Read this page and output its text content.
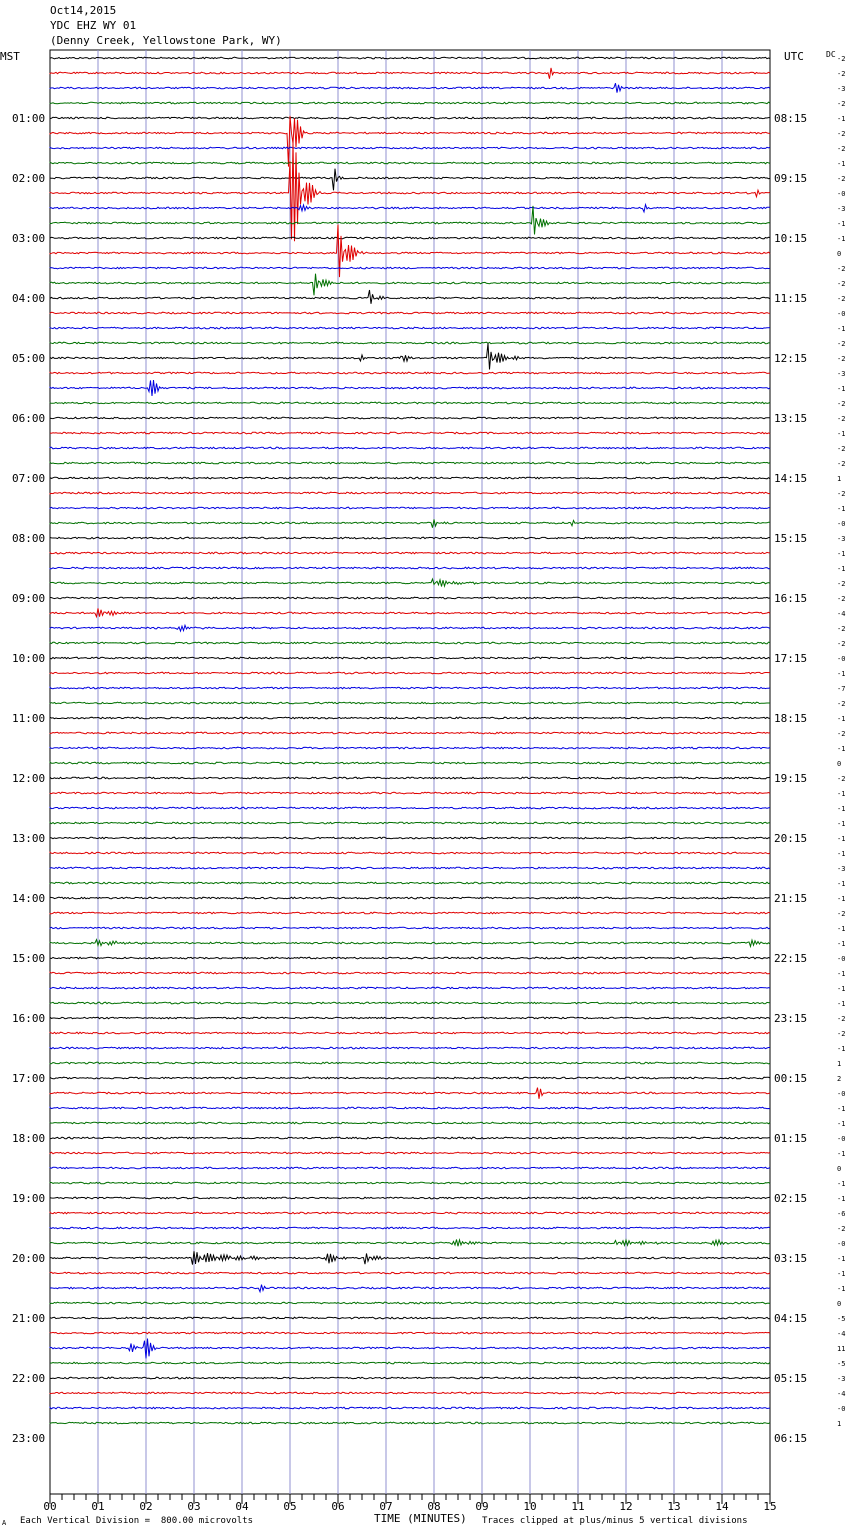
Oct14,2015
YDC EHZ WY 01
(Denny Creek, Yellowstone Park, WY)
MST	UTC	DC -2
-2
-3
-2
-1
-2
-2
-1
-2
-0
-3
-1
-1
0
-2
-2
-2
-0
-1
-2
-2
-3
-1
-2
-2
-1
-2
-2
1
-2
-1
-0
-3
-1
-1
-2
-2
-4
-2
-2
-0
-1
-7
-2
-1
-2
-1
0
-2
-1
-1
-1
-1
-1
-3
-1
-1
-2
-1
-1
-0
-1
-1
-1
-2
-2
-1
1
2
-0
-1
-1
-0
-1
0
-1
-1
-6
-2
-0
-1
-1
-1
0
-5
-4
11
-5
-3
-4
-0
1
01:00
02:00
03:00
04:00
05:00
06:00
07:00
08:00
09:00
10:00
11:00
12:00
13:00
14:00
15:00
16:00
17:00
18:00
19:00
20:00
21:00
22:00
23:00
08:15
09:15
10:15
11:15
12:15
13:15
14:15
15:15
16:15
17:15
18:15
19:15
20:15
21:15
22:15
23:15
00:15
01:15
02:15
03:15
04:15
05:15
06:15
00	01	02	03	04	05	06	07	08	09	10	11	12	13	14	15
A Each Vertical Division =  800.00 microvolts	TIME (MINUTES) Traces clipped at plus/minus 5 vertical divisions
